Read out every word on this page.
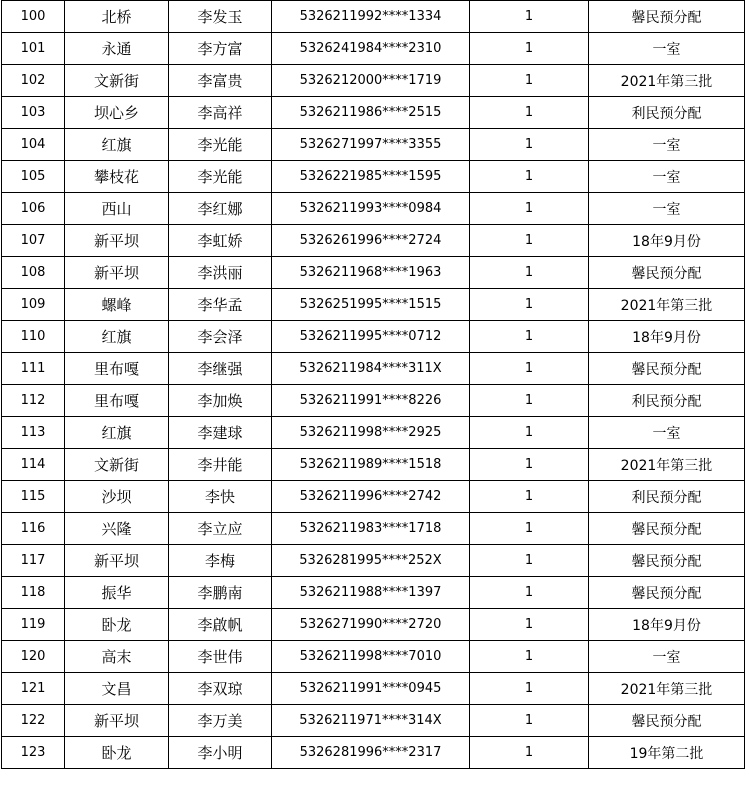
100	北桥	李发玉	5326211992****1334	1	馨民预分配
101	永通	李方富	5326241984****2310	1	一室
102	文新街	李富贵	5326212000****1719	1	2021年第三批
103	坝心乡	李高祥	5326211986****2515	1	利民预分配
104	红旗	李光能	5326271997****3355	1	一室
105	攀枝花	李光能	5326221985****1595	1	一室
106	西山	李红娜	5326211993****0984	1	一室
107	新平坝	李虹娇	5326261996****2724	1	18年9月份
108	新平坝	李洪丽	5326211968****1963	1	馨民预分配
109	螺峰	李华孟	5326251995****1515	1	2021年第三批
110	红旗	李会泽	5326211995****0712	1	18年9月份
111	里布嘎	李继强	5326211984****311X	1	馨民预分配
112	里布嘎	李加焕	5326211991****8226	1	利民预分配
113	红旗	李建球	5326211998****2925	1	一室
114	文新街	李井能	5326211989****1518	1	2021年第三批
115	沙坝	李快	5326211996****2742	1	利民预分配
116	兴隆	李立应	5326211983****1718	1	馨民预分配
117	新平坝	李梅	5326281995****252X	1	馨民预分配
118	振华	李鹏南	5326211988****1397	1	馨民预分配
119	卧龙	李啟帆	5326271990****2720	1	18年9月份
120	高末	李世伟	5326211998****7010	1	一室
121	文昌	李双琼	5326211991****0945	1	2021年第三批
122	新平坝	李万美	5326211971****314X	1	馨民预分配
123	卧龙	李小明	5326281996****2317	1	19年第二批
